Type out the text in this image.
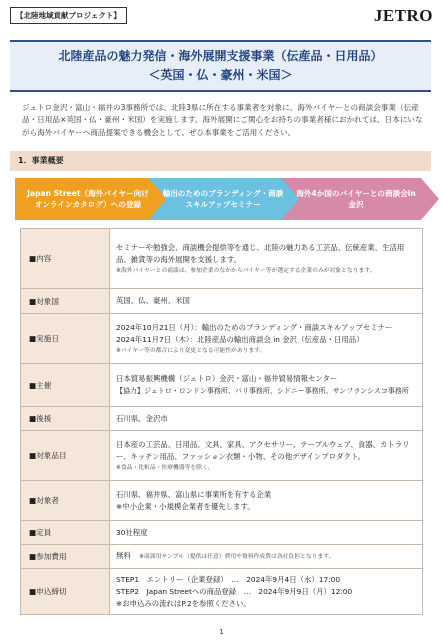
【北陸地域貢献プロジェクト】	JETRO
北陸産品の魅力発信・海外展開支援事業（伝産品・日用品）
＜英国・仏・豪州・米国＞
ジェトロ金沢・富山・福井の3事務所では、北陸3県に所在する事業者を対象に、海外バイヤーとの商談会事業（伝産品・日用品×英国・仏・豪州・米国）を実施します。海外展開にご関心をお持ちの事業者様におかれては、日本にいながら海外バイヤーへ商品提案できる機会として、ぜひ本事業をご活用ください。
1．事業概要
Japan Street（海外バイヤー向けオンラインカタログ）への登録
輸出のためのブランディング・商談スキルアップセミナー
海外4か国のバイヤーとの商談会in 金沢
■内容	セミナーや勉強会、商談機会提供等を通じ、北陸の魅力ある工芸品、伝統産業、生活用品、雑貨等の海外展開を支援します。
※海外バイヤーとの商談は、参加企業のなかからバイヤー等が選定する企業のみが対象となります。

■対象国	英国、仏、豪州、米国
■実施日	2024年10月21日（月）：輸出のためのブランディング・商談スキルアップセミナー
2024年11月7日（木）：北陸産品の輸出商談会 in 金沢（伝産品・日用品）
※バイヤー等の都合により変更となる可能性があります。

■主催	日本貿易振興機構（ジェトロ）金沢・富山・福井貿易情報センター
【協力】ジェトロ・ロンドン事務所、パリ事務所、シドニー事務所、サンフランシスコ事務所

■後援	石川県、金沢市
■対象品目	日本産の工芸品、日用品、文具、家具、アクセサリー、テーブルウェア、食器、カトラリー、キッチン用品、ファッション衣類・小物、その他デザインプロダクト。
※食品・化粧品・医療機器等を除く。

■対象者	石川県、福井県、富山県に事業所を有する企業
※中小企業・小規模企業者を優先します。

■定員	30社程度
■参加費用	無料 ※商談用サンプル（提供は任意）費用や資料作成費は各社負担となります。
■申込締切	STEP1　エントリー（企業登録）　…　2024年9月4日（水）17:00
STEP2　Japan Streetへの商品登録　…　2024年9月9日（月）12:00
※お申込みの流れはP.2を参照ください。
1
